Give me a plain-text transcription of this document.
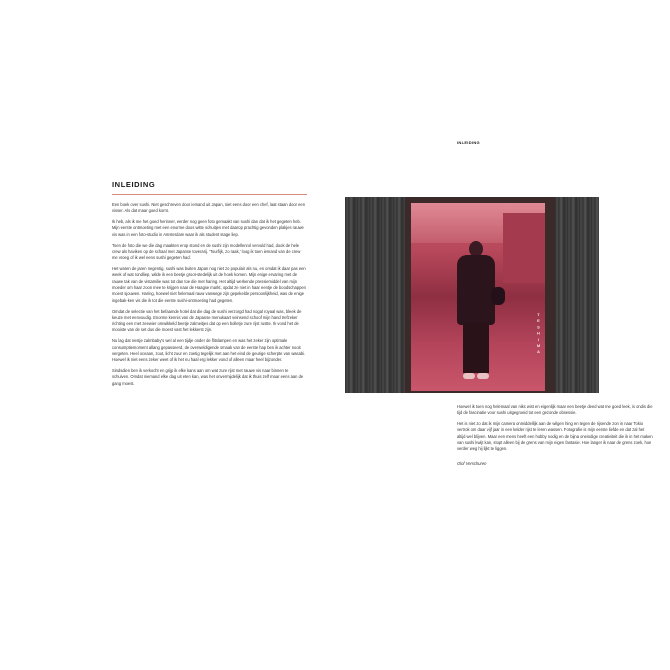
INLEIDING

Een boek over sushi. Niet geschreven door iemand uit Japan, niet eens door een chef, laat staan door een visser. Als dat maar goed komt.

Ik heb, als ik me het goed herinner, eerder nog geen foto gemaakt van sushi dan dat ik het gegeten heb. Mijn eerste ontmoeting met een enorme doos witte schuitjes met daarop prachtig gevonden plakjes rauwe vis was in een foto-studio in Amsterdam waar ik als student stage liep.

Toen de foto die we die dag maakten erop stond en de sushi zijn modellenrol vervuld had, dook de hele crew als haviken op de schaal met Japanse toverarij. 'Tourfijk, zo raak,' loog ik toen iemand van de crew me vroeg of ik wel eens sushi gegeten had.

Het waren de jaren negentig, sushi was buiten Japan nog niet zo populair als nu, en omdat ik daar pas een week of wat rondliep, wilde ik een beetje groot-stedelijk uit de hoek komen. Mijn enige ervaring met de rauwe tak van de vistamilie was tot dan toe die met haring. Het altijd werkende pressiemiddel van mijn moeder om haar zoon mee te krijgen naar de Haagse markt, opdat ze niet in haar eentje de boodschappen moest sjouwen. Haring, hoewel niet helemaal rauw vanwege zijn gepekelde persoonlijkheid, was de enige ingebak-ken vis die ik tot die eerste sushi-ontmoeting had gegeten.

Omdat de selectie van het befaamde hotel dat die dag de sushi verzorgd had nogal royaal was, bleek de keuze met eenvoudig. Enorme kennis van de Japanse menukaart veinsend schoof mijn hand trefzeker richting een met zeewier omwikkeld beetje zalmeitjes dat op een bolletje zure rijst rustte. Ik vond het de mooiste van de set dus die moest vast het lekkerst zijn.

Nu lag dat nestje zalmbaby's wel al een tijdje onder de flitslampen en was het zeker zijn optimale consumptiemoment allang gepasseerd, de overweldigende smaak van de eerste hap ben ik achter nooit vergeten. Heel oceaan, zout, licht zuur en zoetig tegelijk met aan het eind de geurige scherpte van wasabi. Hoewel ik niet eens zeker weet of ik het nu haal erg lekker vond of alleen maar heel bijzonder.

Sindsdien ben ik verkocht en grijp ik elke kans aan om wat zure rijst met rauwe vis naar binnen te schuiven. Omdat niemand elke dag uit eten kan, was het onvermijdelijk dat ik thuis zelf maar eens aan de gang moest.

INLEIDING
TESHIMA

Hoewel ik toen nog helemaal van niks wist en eigenlijk maar een beetje deed wat me goed leek, is ondis die tijd de fascinatie voor sushi uitgegroeid tot een gezonde obsessie.

Het is niet zo dat ik mijn camera onmiddellijk aan de wilgen hing en tegen de rijsende zon in naar Tokio vertrok om daar vijf jaar in een kelder rijst te leren wassen. Fotografie is mijn eerste liefde en dat zal het altijd wel blijven. Maar een mens heeft een hobby nodig en de bijna oneindige creativiteit die ik in het maken van sushi kwijt kan, stopt alleen bij de grens van mijn eigen fantasie. Hoe langer ik naar de grens zoek, hoe verder weg hij lijkt te liggen.

Olof Verschuren
